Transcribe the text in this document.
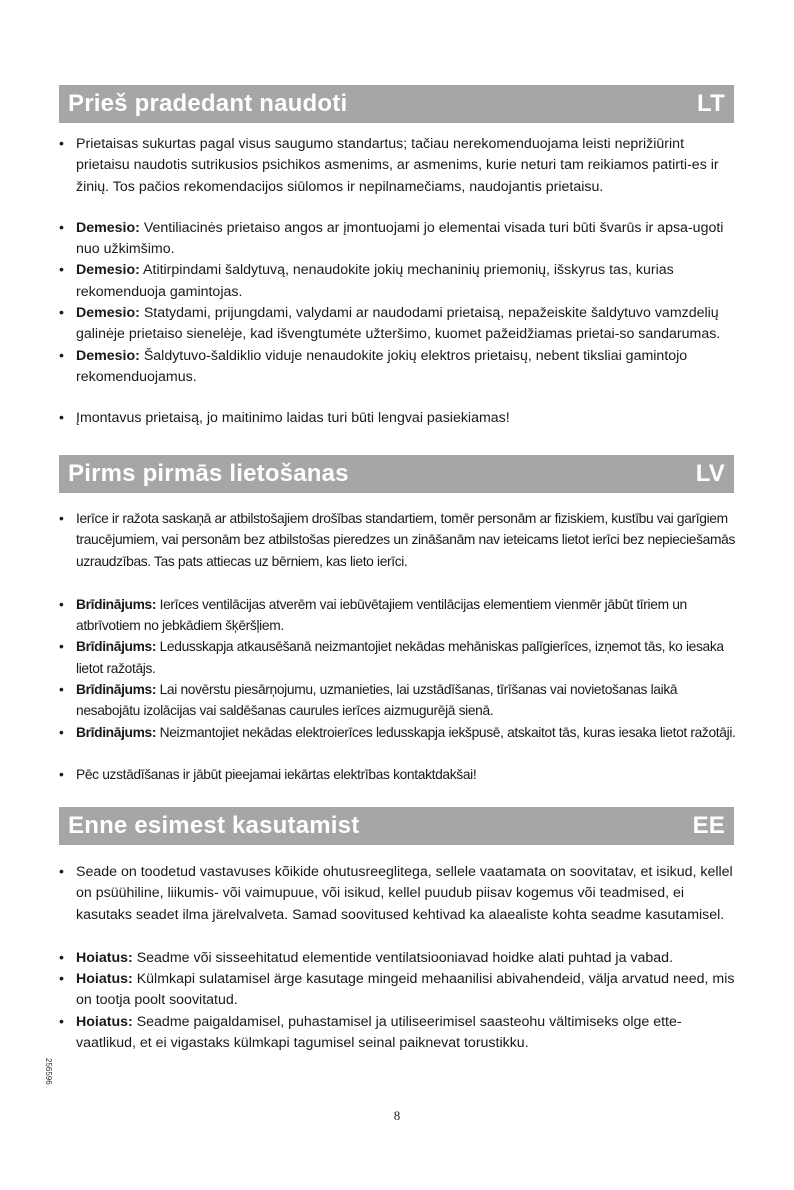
Prieš pradedant naudoti	LT
• Prietaisas sukurtas pagal visus saugumo standartus; tačiau nerekomenduojama leisti neprižiūrint prietaisu naudotis sutrikusios psichikos asmenims, ar asmenims, kurie neturi tam reikiamos patirti-es ir žinių. Tos pačios rekomendacijos siūlomos ir nepilnamečiams, naudojantis prietaisu.
• Demesio: Ventiliacinės prietaiso angos ar įmontuojami jo elementai visada turi būti švarūs ir apsa-ugoti nuo užkimšimo.
• Demesio: Atitirpindami šaldytuvą, nenaudokite jokių mechaninių priemonių, išskyrus tas, kurias rekomenduoja gamintojas.
• Demesio: Statydami, prijungdami, valydami ar naudodami prietaisą, nepažeiskite šaldytuvo vamzdelių galinėje prietaiso sienelėje, kad išvengtumėte užteršimo, kuomet pažeidžiamas prietai-so sandarumas.
• Demesio: Šaldytuvo-šaldiklio viduje nenaudokite jokių elektros prietaisų, nebent tiksliai gamintojo rekomenduojamus.
• Įmontavus prietaisą, jo maitinimo laidas turi būti lengvai pasiekiamas!
Pirms pirmās lietošanas	LV
• Ierīce ir ražota saskaņā ar atbilstošajiem drošības standartiem, tomēr personām ar fiziskiem, kustību vai garīgiem traucējumiem, vai personām bez atbilstošas pieredzes un zināšanām nav ieteicams lietot ierīci bez nepieciešamās uzraudzības. Tas pats attiecas uz bērniem, kas lieto ierīci.
• Brīdinājums: Ierīces ventilācijas atverēm vai iebūvētajiem ventilācijas elementiem vienmēr jābūt tīriem un atbrīvotiem no jebkādiem šķēršļiem.
• Brīdinājums: Ledusskapja atkausēšanā neizmantojiet nekādas mehāniskas palīgierīces, izņemot tās, ko iesaka lietot ražotājs.
• Brīdinājums: Lai novērstu piesārņojumu, uzmanieties, lai uzstādīšanas, tīrīšanas vai novietošanas laikā nesabojātu izolācijas vai saldēšanas caurules ierīces aizmugurējā sienā.
• Brīdinājums: Neizmantojiet nekādas elektroierīces ledusskapja iekšpusē, atskaitot tās, kuras iesaka lietot ražotāji.
• Pēc uzstādīšanas ir jābūt pieejamai iekārtas elektrības kontaktdakšai!
Enne esimest kasutamist	EE
• Seade on toodetud vastavuses kõikide ohutusreeglitega, sellele vaatamata on soovitatav, et isikud, kellel on psüühiline, liikumis- või vaimupuue, või isikud, kellel puudub piisav kogemus või teadmised, ei kasutaks seadet ilma järelvalveta. Samad soovitused kehtivad ka alaealiste kohta seadme kasutamisel.
• Hoiatus: Seadme või sisseehitatud elementide ventilatsiooniavad hoidke alati puhtad ja vabad.
• Hoiatus: Külmkapi sulatamisel ärge kasutage mingeid mehaanilisi abivahendeid, välja arvatud need, mis on tootja poolt soovitatud.
• Hoiatus: Seadme paigaldamisel, puhastamisel ja utiliseerimisel saasteohu vältimiseks olge ette-vaatlikud, et ei vigastaks külmkapi tagumisel seinal paiknevat torustikku.
256596
8
